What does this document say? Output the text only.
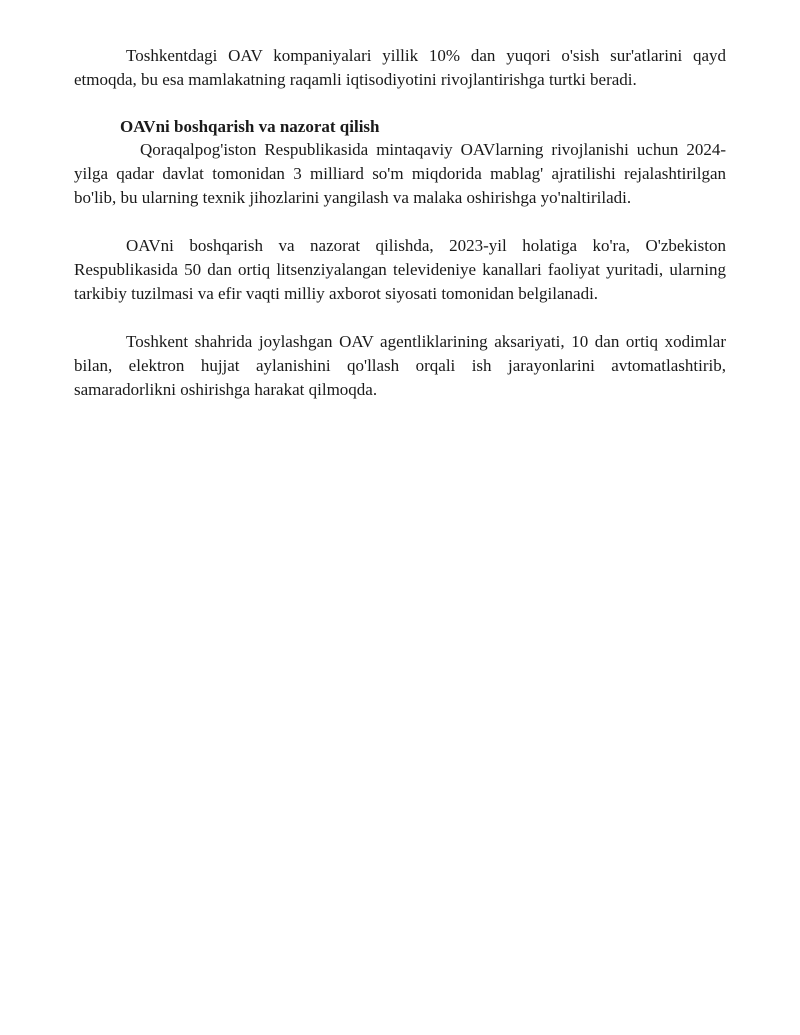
Toshkentdagi OAV kompaniyalari yillik 10% dan yuqori o'sish sur'atlarini qayd etmoqda, bu esa mamlakatning raqamli iqtisodiyotini rivojlantirishga turtki beradi.

OAVni boshqarish va nazorat qilish

Qoraqalpog'iston Respublikasida mintaqaviy OAVlarning rivojlanishi uchun 2024-yilga qadar davlat tomonidan 3 milliard so'm miqdorida mablag' ajratilishi rejalashtirilgan bo'lib, bu ularning texnik jihozlarini yangilash va malaka oshirishga yo'naltiriladi.

OAVni boshqarish va nazorat qilishda, 2023-yil holatiga ko'ra, O'zbekiston Respublikasida 50 dan ortiq litsenziyalangan televideniye kanallari faoliyat yuritadi, ularning tarkibiy tuzilmasi va efir vaqti milliy axborot siyosati tomonidan belgilanadi.

Toshkent shahrida joylashgan OAV agentliklarining aksariyati, 10 dan ortiq xodimlar bilan, elektron hujjat aylanishini qo'llash orqali ish jarayonlarini avtomatlashtirib, samaradorlikni oshirishga harakat qilmoqda.
